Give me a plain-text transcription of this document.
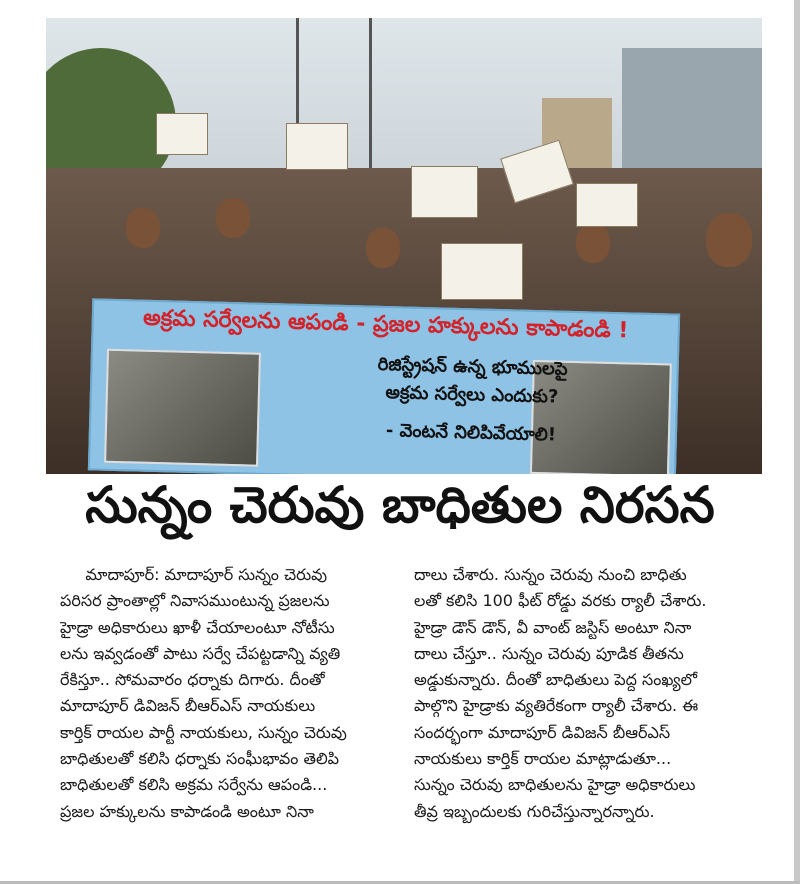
అక్రమ సర్వేలను ఆపండి - ప్రజల హక్కులను కాపాడండి !
రిజిస్ట్రేషన్ ఉన్న భూములపై
అక్రమ సర్వేలు ఎందుకు?
- వెంటనే నిలిపివేయాలి!
సున్నం చెరువు బాధితుల నిరసన

మాదాపూర్: మాదాపూర్ సున్నం చెరువు

పరిసర ప్రాంతాల్లో నివాసముంటున్న ప్రజలను

హైడ్రా అధికారులు ఖాళీ చేయాలంటూ నోటీసు

లను ఇవ్వడంతో పాటు సర్వే చేపట్టడాన్ని వ్యతి

రేకిస్తూ.. సోమవారం ధర్నాకు దిగారు. దీంతో

మాదాపూర్ డివిజన్ బీఆర్ఎస్ నాయకులు

కార్తిక్ రాయల పార్టీ నాయకులు, సున్నం చెరువు

బాధితులతో కలిసి ధర్నాకు సంఘీభావం తెలిపి

బాధితులతో కలిసి అక్రమ సర్వేను ఆపండి...

ప్రజల హక్కులను కాపాడండి అంటూ నినా

దాలు చేశారు. సున్నం చెరువు నుంచి బాధితు

లతో కలిసి 100 ఫీట్ రోడ్డు వరకు ర్యాలీ చేశారు.

హైడ్రా డౌన్ డౌన్, వీ వాంట్ జస్టిస్ అంటూ నినా

దాలు చేస్తూ.. సున్నం చెరువు పూడిక తీతను

అడ్డుకున్నారు. దీంతో బాధితులు పెద్ద సంఖ్యలో

పాల్గొని హైడ్రాకు వ్యతిరేకంగా ర్యాలీ చేశారు. ఈ

సందర్భంగా మాదాపూర్ డివిజన్ బీఆర్ఎస్

నాయకులు కార్తిక్ రాయల మాట్లాడుతూ...

సున్నం చెరువు బాధితులను హైడ్రా అధికారులు

తీవ్ర ఇబ్బందులకు గురిచేస్తున్నారన్నారు.
